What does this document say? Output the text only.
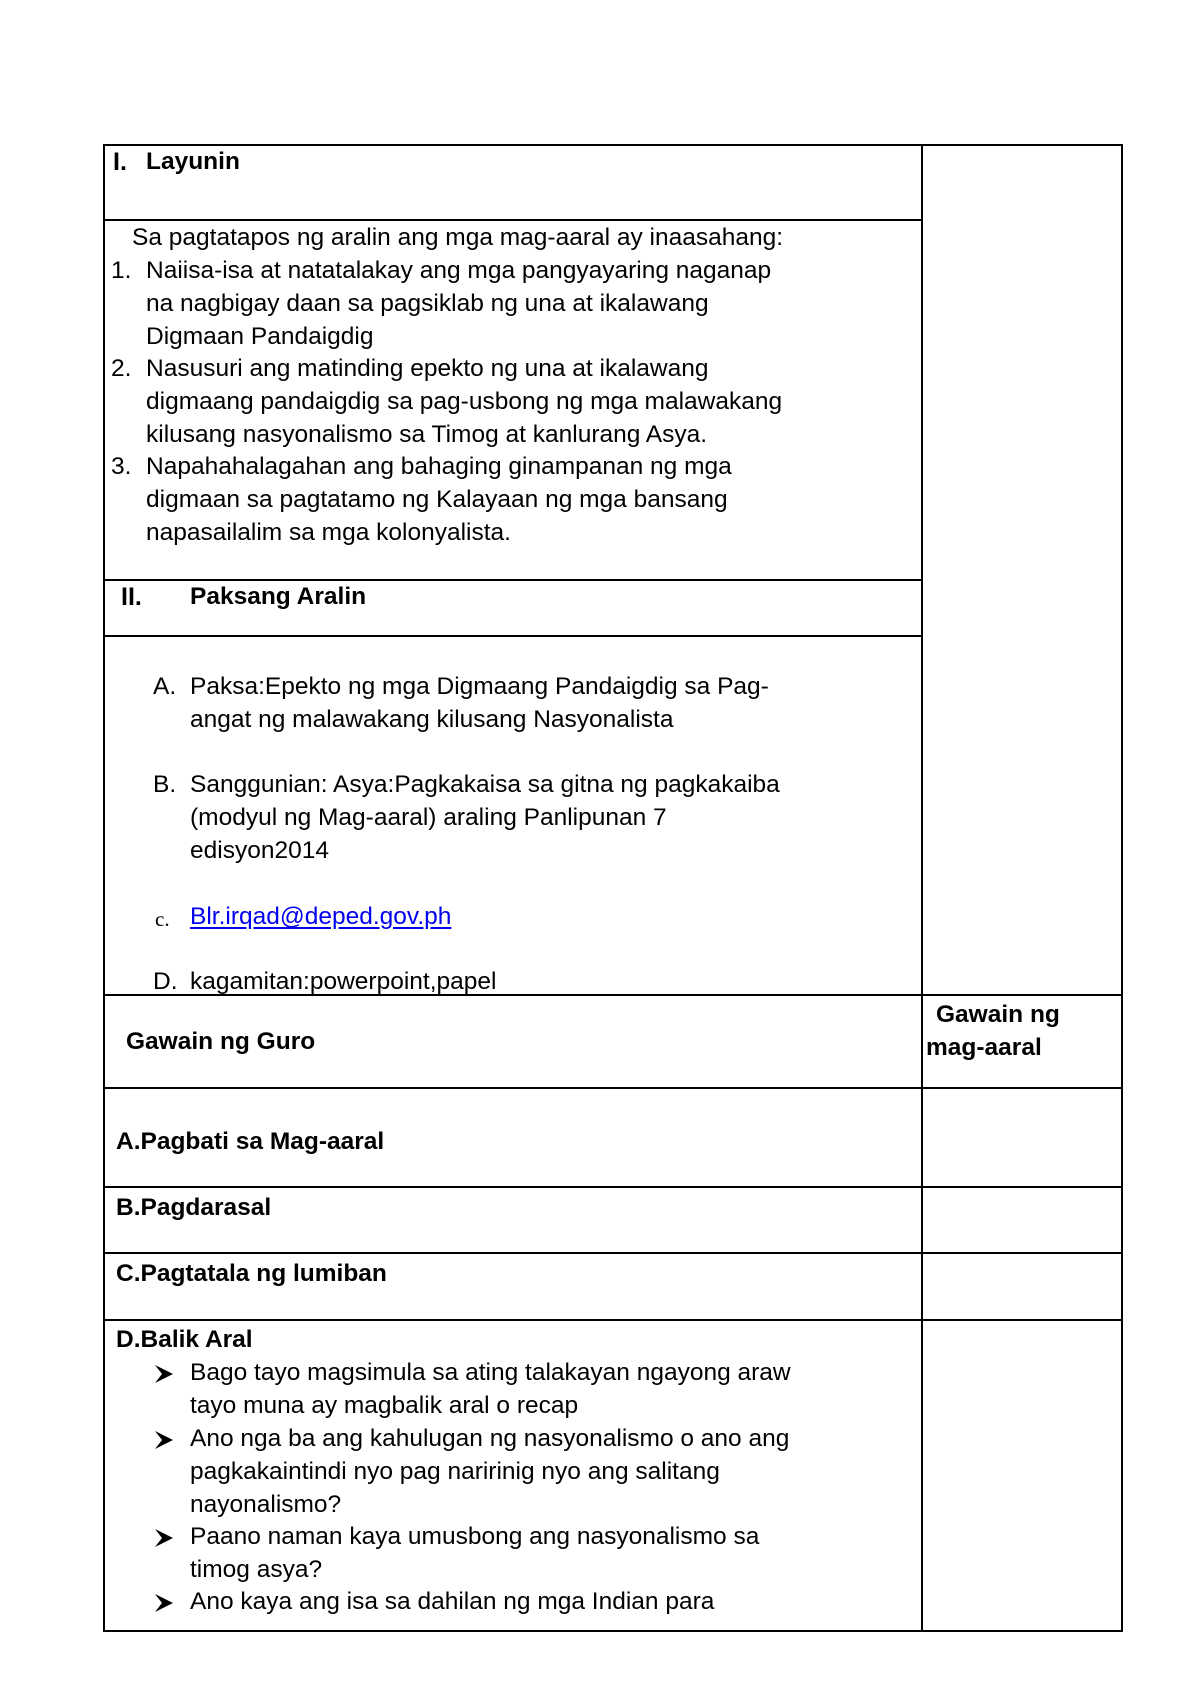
I. Layunin
Sa pagtatapos ng aralin ang mga mag-aaral ay inaasahang:
1. Naiisa-isa at natatalakay ang mga pangyayaring naganap
na nagbigay daan sa pagsiklab ng una at ikalawang
Digmaan Pandaigdig
2. Nasusuri ang matinding epekto ng una at ikalawang
digmaang pandaigdig sa pag-usbong ng mga malawakang
kilusang nasyonalismo sa Timog at kanlurang Asya.
3. Napahahalagahan ang bahaging ginampanan ng mga
digmaan sa pagtatamo ng Kalayaan ng mga bansang
napasailalim sa mga kolonyalista.
II. Paksang Aralin
A. Paksa:Epekto ng mga Digmaang Pandaigdig sa Pag-
angat ng malawakang kilusang Nasyonalista
B. Sanggunian: Asya:Pagkakaisa sa gitna ng pagkakaiba
(modyul ng Mag-aaral) araling Panlipunan 7
edisyon2014
c. Blr.irqad@deped.gov.ph
D. kagamitan:powerpoint,papel
Gawain ng Guro
Gawain ng
mag-aaral
A.Pagbati sa Mag-aaral
B.Pagdarasal
C.Pagtatala ng lumiban
D.Balik Aral
Bago tayo magsimula sa ating talakayan ngayong araw
tayo muna ay magbalik aral o recap
Ano nga ba ang kahulugan ng nasyonalismo o ano ang
pagkakaintindi nyo pag naririnig nyo ang salitang
nayonalismo?
Paano naman kaya umusbong ang nasyonalismo sa
timog asya?
Ano kaya ang isa sa dahilan ng mga Indian para
